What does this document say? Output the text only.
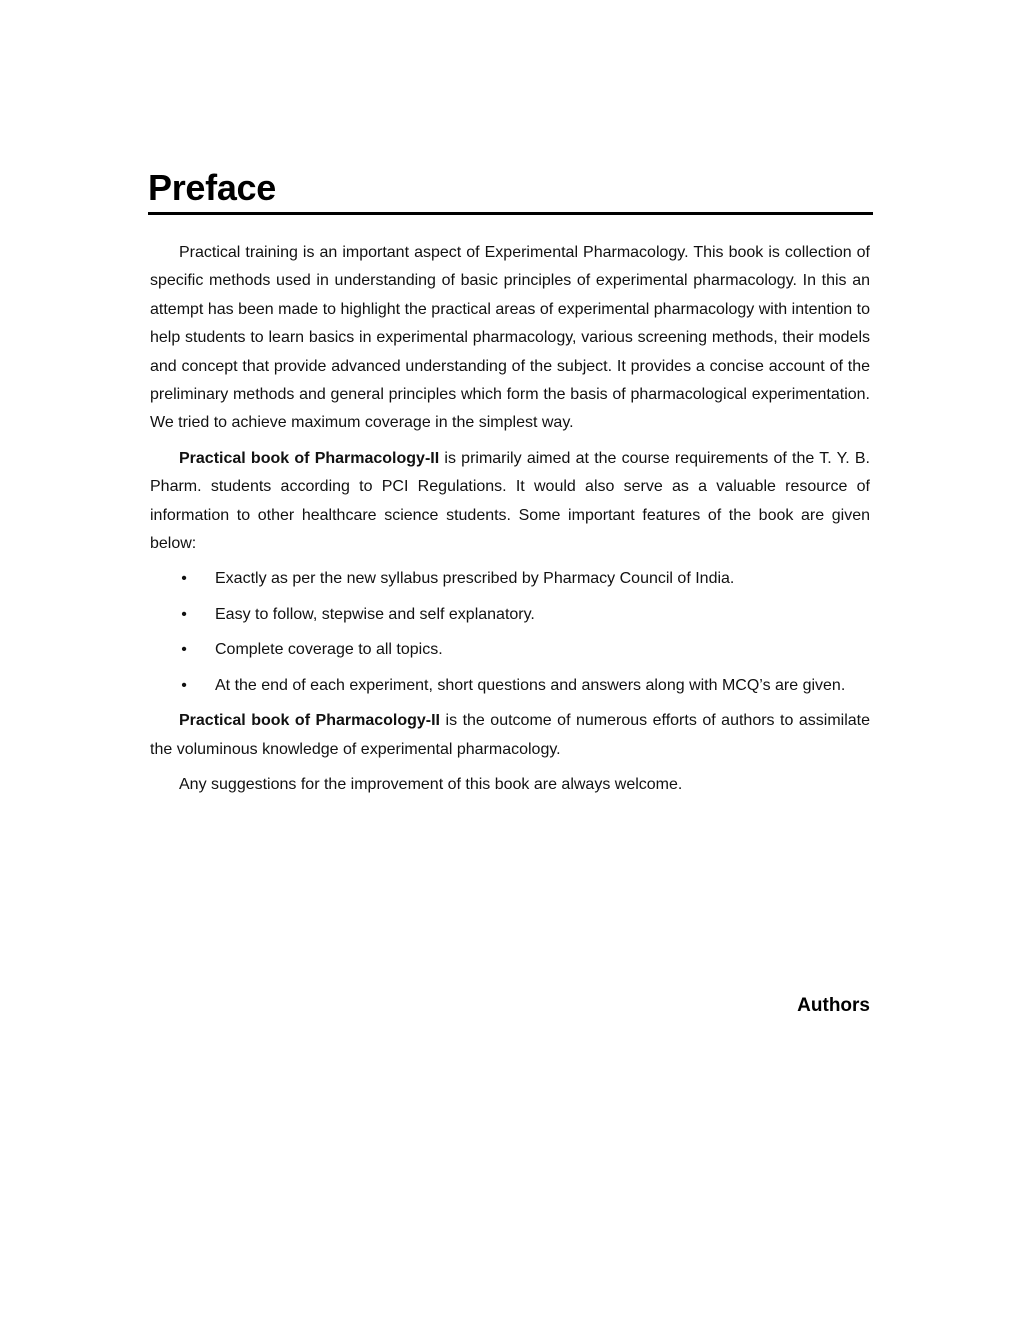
Preface

Practical training is an important aspect of Experimental Pharmacology. This book is collection of specific methods used in understanding of basic principles of experimental pharmacology. In this an attempt has been made to highlight the practical areas of experimental pharmacology with intention to help students to learn basics in experimental pharmacology, various screening methods, their models and concept that provide advanced understanding of the subject. It provides a concise account of the preliminary methods and general principles which form the basis of pharmacological experimentation. We tried to achieve maximum coverage in the simplest way.

Practical book of Pharmacology-II is primarily aimed at the course requirements of the T. Y. B. Pharm. students according to PCI Regulations. It would also serve as a valuable resource of information to other healthcare science students. Some important features of the book are given below:

• Exactly as per the new syllabus prescribed by Pharmacy Council of India.
• Easy to follow, stepwise and self explanatory.
• Complete coverage to all topics.
• At the end of each experiment, short questions and answers along with MCQ’s are given.

Practical book of Pharmacology-II is the outcome of numerous efforts of authors to assimilate the voluminous knowledge of experimental pharmacology.

Any suggestions for the improvement of this book are always welcome.

Authors
